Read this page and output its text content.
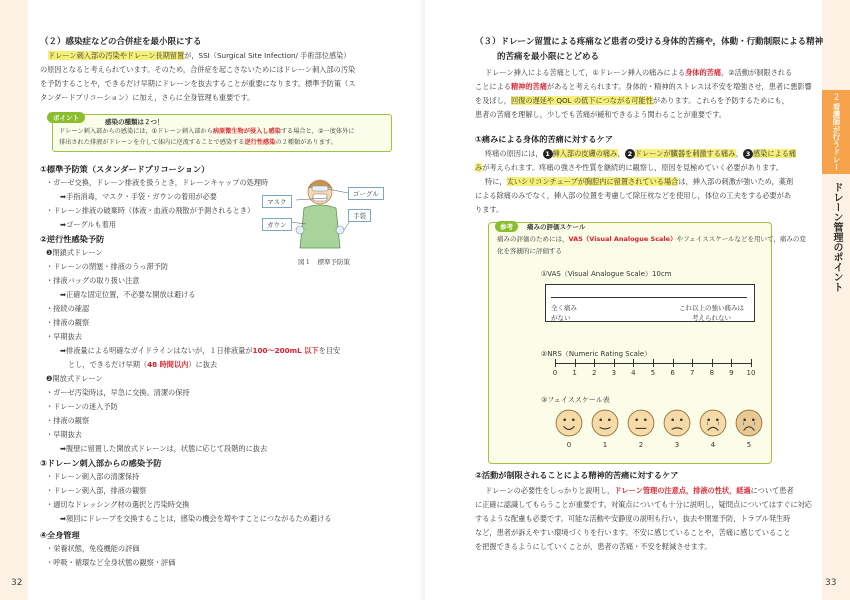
32
（２）感染症などの合併症を最小限にする
ドレーン刺入部の汚染やドレーン長期留置が，SSI（Surgical Site Infection/ 手術部位感染）
の原因となると考えられています。そのため，合併症を起こさないためにはドレーン刺入部の汚染
を予防することや，できるだけ早期にドレーンを抜去することが重要になります。標準予防策（ス
タンダードプリコーション）に加え，さらに全身管理も重要です。
ポイント	感染の種類は２つ！
ドレーン刺入部からの感染には，①ドレーン刺入部から病原微生物が侵入し感染する場合と，②一度体外に
排出された排液がドレーンを介して体内に逆流することで感染する逆行性感染の２種類があります。
①標準予防策（スタンダードプリコーション）
・ガーゼ交換，ドレーン排液を扱うとき，ドレーンキャップの処理時
➡手指消毒，マスク・手袋・ガウンの着用が必要
・ドレーン排液の破棄時（体液・血液の飛散が予測されるとき）
➡ゴーグルも着用
マスク
ゴーグル
手袋
ガウン
図１　標準予防策
②逆行性感染予防
❶閉鎖式ドレーン
・ドレーンの閉塞・排液のうっ滞予防
・排液バッグの取り扱い注意
➡正確な固定位置，不必要な開放は避ける
・接続の確認
・排液の観察
・早期抜去
➡排液量による明確なガイドラインはないが，１日排液量が100～200mL 以下を目安
とし，できるだけ早期（48 時間以内）に抜去
❷開放式ドレーン
・ガーゼ汚染時は，早急に交換。清潔の保持
・ドレーンの迷入予防
・排液の観察
・早期抜去
➡腹壁に留置した開放式ドレーンは，状態に応じて段階的に抜去
③ドレーン刺入部からの感染予防
・ドレーン刺入部の清潔保持
・ドレーン刺入部，排液の観察
・適切なドレッシング材の選択と汚染時交換
➡頻回にドレープを交換することは，感染の機会を増やすことにつながるため避ける
④全身管理
・栄養状態，免疫機能の評価
・呼吸・循環など全身状態の観察・評価
２ 看護師が行うドレーン管理
ドレーン管理のポイント
33
（３）ドレーン留置による疼痛など患者の受ける身体的苦痛や，体動・行動制限による精神
的苦痛を最小限にとどめる
ドレーン挿入による苦痛として，①ドレーン挿入の痛みによる身体的苦痛，②活動が制限される
ことによる精神的苦痛があると考えられます。身体的・精神的ストレスは不安を増強させ，患者に悪影響
を及ぼし，回復の遅延や QOL の低下につながる可能性があります。これらを予防するためにも，
患者の苦痛を理解し，少しでも苦痛が緩和できるよう関わることが重要です。
①痛みによる身体的苦痛に対するケア
疼痛の原因には， 1 挿入部の皮膚の痛み， 2 ドレーンが臓器を刺激する痛み， 3 感染による痛
みが考えられます。疼痛の強さや性質を継続的に観察し，原因を見極めていく必要があります。
特に，太いシリコンチューブが胸腔内に留置されている場合は，挿入部の刺激が強いため，薬剤
による除痛のみでなく，挿入部の位置を考慮して除圧枕などを使用し，体位の工夫をする必要があ
ります。
参考	痛みの評価スケール
痛みの評価のためには，VAS（Visual Analogue Scale）やフェイススケールなどを用いて，痛みの変
化を客観的に評価する
①VAS（Visual Analogue Scale）10cm
全く痛み
がない
これ以上の強い痛みは
考えられない
②NRS（Numeric Rating Scale）
0	1	2	3	4	5	6	7	8	9	10
③フェイススケール表
0	1	2	3	4	5
②活動が制限されることによる精神的苦痛に対するケア
ドレーンの必要性をしっかりと説明し，ドレーン管理の注意点，排液の性状，経過について患者
に正確に認識してもらうことが重要です。対策点についても十分に説明し，疑問点についてはすぐに対応
するような配慮も必要です。可能な活動や安静度の説明も行い，抜去や閉塞予防，トラブル発生時
など，患者が訴えやすい環境づくりを行います。不安に感じていることや，苦痛に感じていること
を把握できるようにしていくことが，患者の苦痛・不安を軽減させます。
